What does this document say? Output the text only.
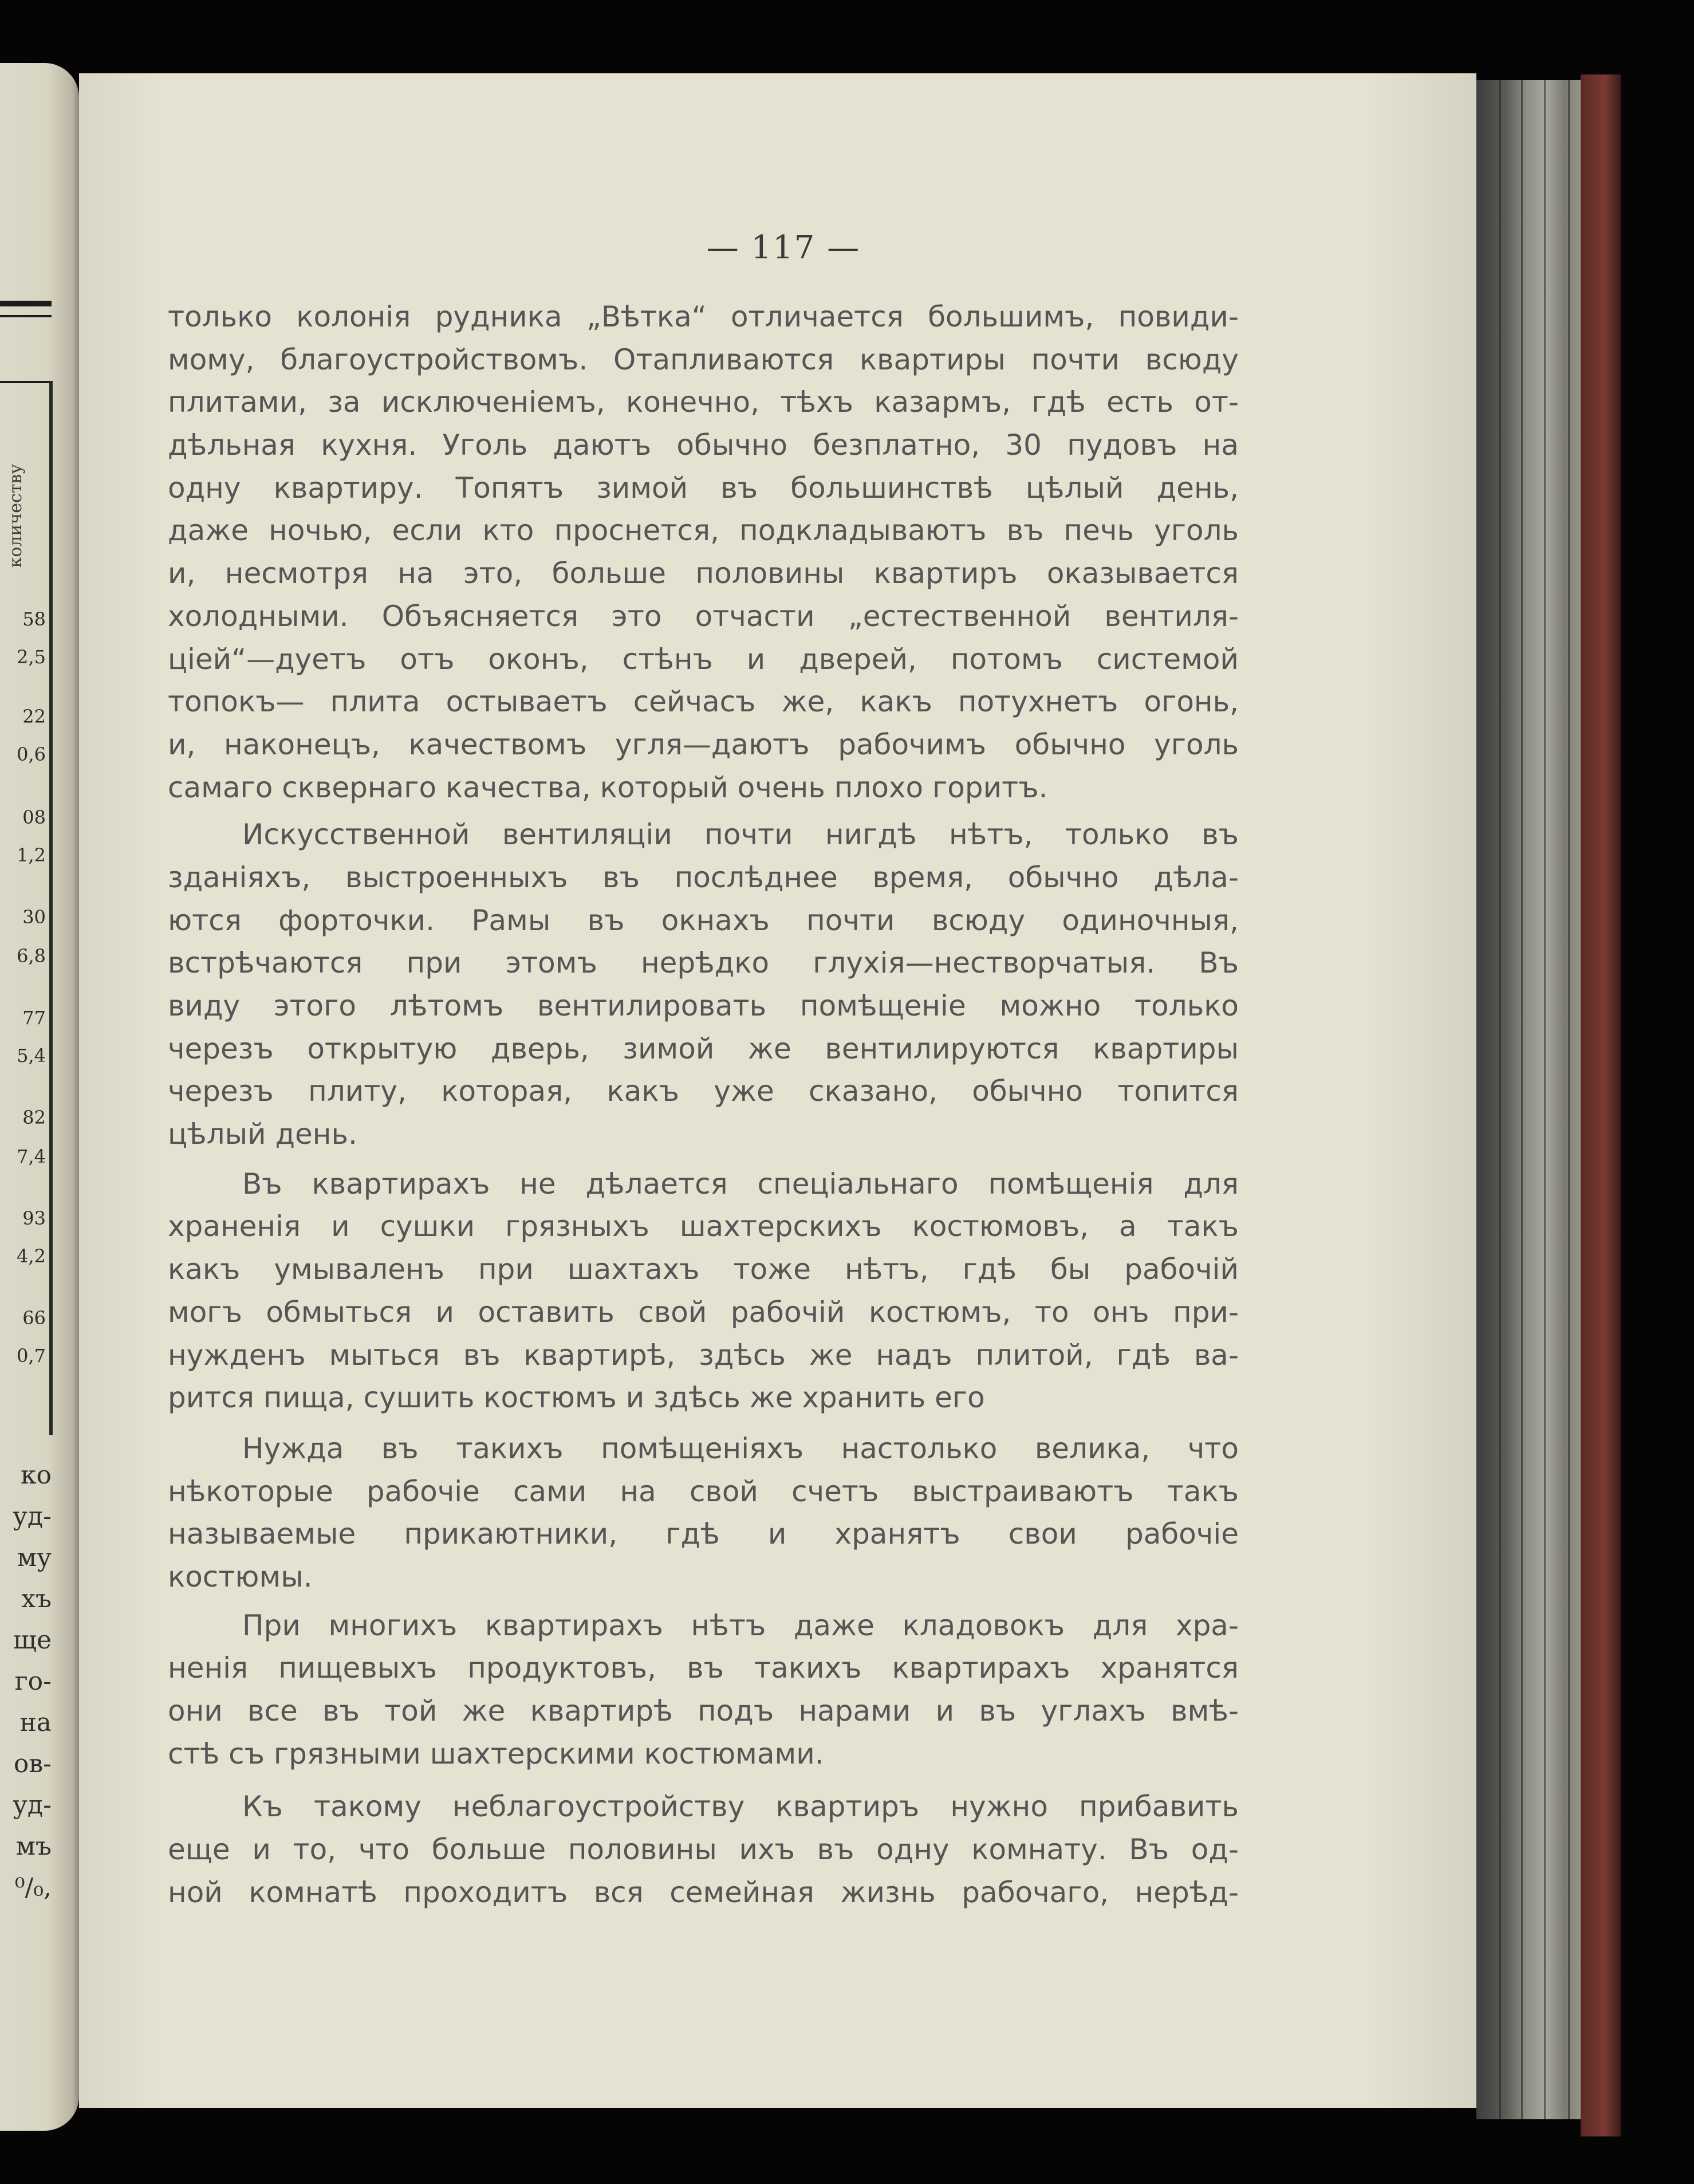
количеству
58
2,5
22
0,6
08
1,2
30
6,8
77
5,4
82
7,4
93
4,2
66
0,7
ко
уд-
му
хъ
ще
го-
на
ов-
уд-
мъ
⁰/₀,
— 117 —
только колонія рудника „Вѣтка“ отличается большимъ, повиди-
мому, благоустройствомъ. Отапливаются квартиры почти всюду
плитами, за исключеніемъ, конечно, тѣхъ казармъ, гдѣ есть от-
дѣльная кухня. Уголь даютъ обычно безплатно, 30 пудовъ на
одну квартиру. Топятъ зимой въ большинствѣ цѣлый день,
даже ночью, если кто проснется, подкладываютъ въ печь уголь
и, несмотря на это, больше половины квартиръ оказывается
холодными. Объясняется это отчасти „естественной вентиля-
ціей“—дуетъ отъ оконъ, стѣнъ и дверей, потомъ системой
топокъ— плита остываетъ сейчасъ же, какъ потухнетъ огонь,
и, наконецъ, качествомъ угля—даютъ рабочимъ обычно уголь
самаго сквернаго качества, который очень плохо горитъ.
Искусственной вентиляціи почти нигдѣ нѣтъ, только въ
зданіяхъ, выстроенныхъ въ послѣднее время, обычно дѣла-
ются форточки. Рамы въ окнахъ почти всюду одиночныя,
встрѣчаются при этомъ нерѣдко глухія—нестворчатыя. Въ
виду этого лѣтомъ вентилировать помѣщеніе можно только
черезъ открытую дверь, зимой же вентилируются квартиры
черезъ плиту, которая, какъ уже сказано, обычно топится
цѣлый день.
Въ квартирахъ не дѣлается спеціальнаго помѣщенія для
храненія и сушки грязныхъ шахтерскихъ костюмовъ, а такъ
какъ умываленъ при шахтахъ тоже нѣтъ, гдѣ бы рабочій
могъ обмыться и оставить свой рабочій костюмъ, то онъ при-
нужденъ мыться въ квартирѣ, здѣсь же надъ плитой, гдѣ ва-
рится пища, сушить костюмъ и здѣсь же хранить его
Нужда въ такихъ помѣщеніяхъ настолько велика, что
нѣкоторые рабочіе сами на свой счетъ выстраиваютъ такъ
называемые прикаютники, гдѣ и хранятъ свои рабочіе
костюмы.
При многихъ квартирахъ нѣтъ даже кладовокъ для хра-
ненія пищевыхъ продуктовъ, въ такихъ квартирахъ хранятся
они все въ той же квартирѣ подъ нарами и въ углахъ вмѣ-
стѣ съ грязными шахтерскими костюмами.
Къ такому неблагоустройству квартиръ нужно прибавить
еще и то, что больше половины ихъ въ одну комнату. Въ од-
ной комнатѣ проходитъ вся семейная жизнь рабочаго, нерѣд-
